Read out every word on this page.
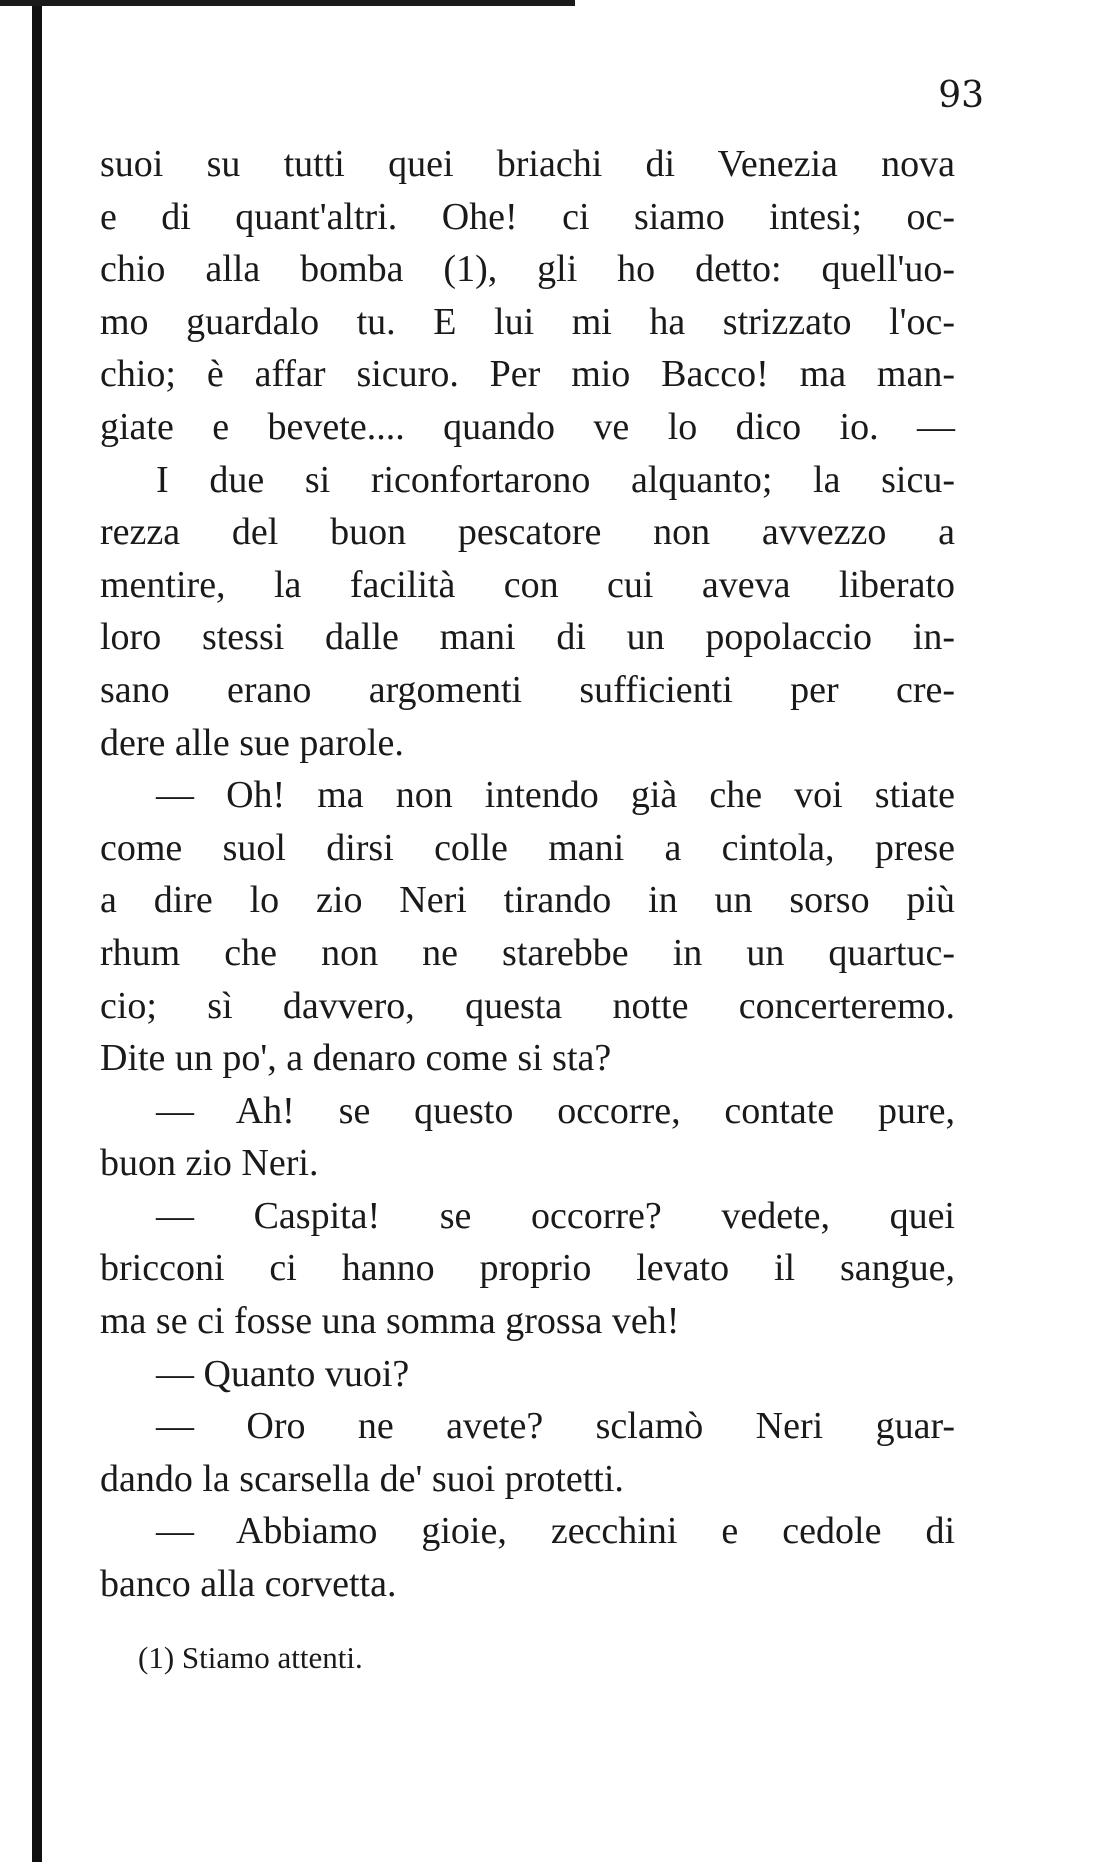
93
suoi su tutti quei briachi di Venezia nova
e di quant'altri. Ohe! ci siamo intesi; oc-
chio alla bomba (1), gli ho detto: quell'uo-
mo guardalo tu. E lui mi ha strizzato l'oc-
chio; è affar sicuro. Per mio Bacco! ma man-
giate e bevete.... quando ve lo dico io. —
I due si riconfortarono alquanto; la sicu-
rezza del buon pescatore non avvezzo a
mentire, la facilità con cui aveva liberato
loro stessi dalle mani di un popolaccio in-
sano erano argomenti sufficienti per cre-
dere alle sue parole.
— Oh! ma non intendo già che voi stiate
come suol dirsi colle mani a cintola, prese
a dire lo zio Neri tirando in un sorso più
rhum che non ne starebbe in un quartuc-
cio; sì davvero, questa notte concerteremo.
Dite un po', a denaro come si sta?
— Ah! se questo occorre, contate pure,
buon zio Neri.
— Caspita! se occorre? vedete, quei
bricconi ci hanno proprio levato il sangue,
ma se ci fosse una somma grossa veh!
— Quanto vuoi?
— Oro ne avete? sclamò Neri guar-
dando la scarsella de' suoi protetti.
— Abbiamo gioie, zecchini e cedole di
banco alla corvetta.
(1) Stiamo attenti.
